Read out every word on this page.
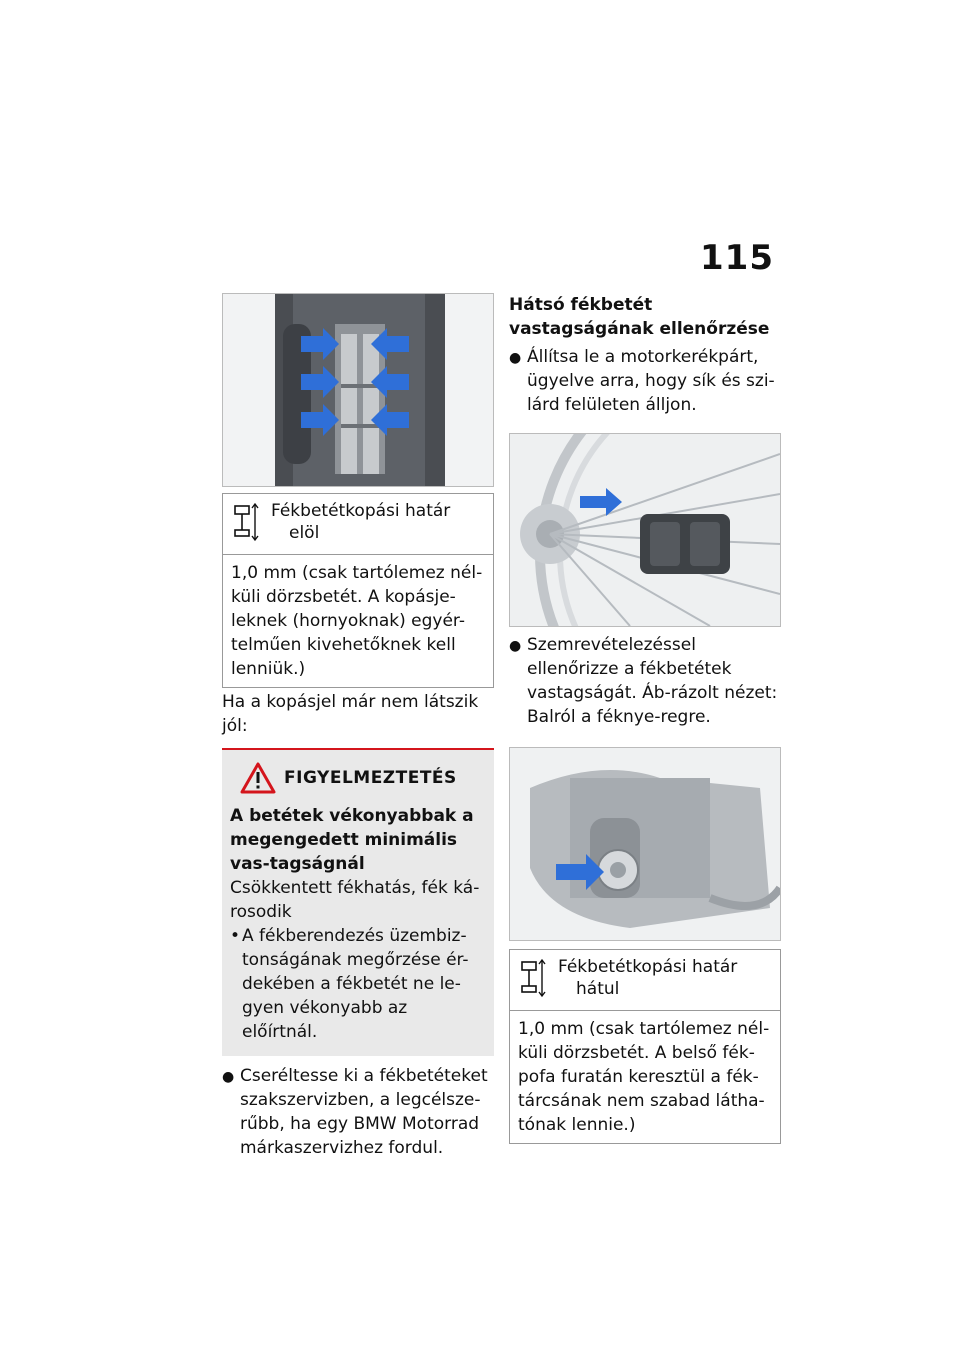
115
Fékbetétkopási határ
elöl
1,0 mm (csak tartólemez nél-küli dörzsbetét. A kopásje-leknek (hornyoknak) egyér-telműen kivehetőknek kell lenniük.)

Ha a kopásjel már nem látszik jól:

FIGYELMEZTETÉS
A betétek vékonyabbak a megengedett minimális vas-tagságnál
Csökkentett fékhatás, fék ká-rosodik
• A fékberendezés üzembiz-tonságának megőrzése ér-dekében a fékbetét ne le-gyen vékonyabb az előírtnál.
● Cseréltesse ki a fékbetéteket szakszervizben, a legcélsze-rűbb, ha egy BMW Motorrad márkaszervizhez fordul.
Hátsó fékbetét vastagságának ellenőrzése
● Állítsa le a motorkerékpárt, ügyelve arra, hogy sík és szi-lárd felületen álljon.
● Szemrevételezéssel ellenőrizze a fékbetétek vastagságát. Áb-rázolt nézet: Balról a féknye-regre.
Fékbetétkopási határ
hátul
1,0 mm (csak tartólemez nél-küli dörzsbetét. A belső fék-pofa furatán keresztül a fék-tárcsának nem szabad látha-tónak lennie.)
